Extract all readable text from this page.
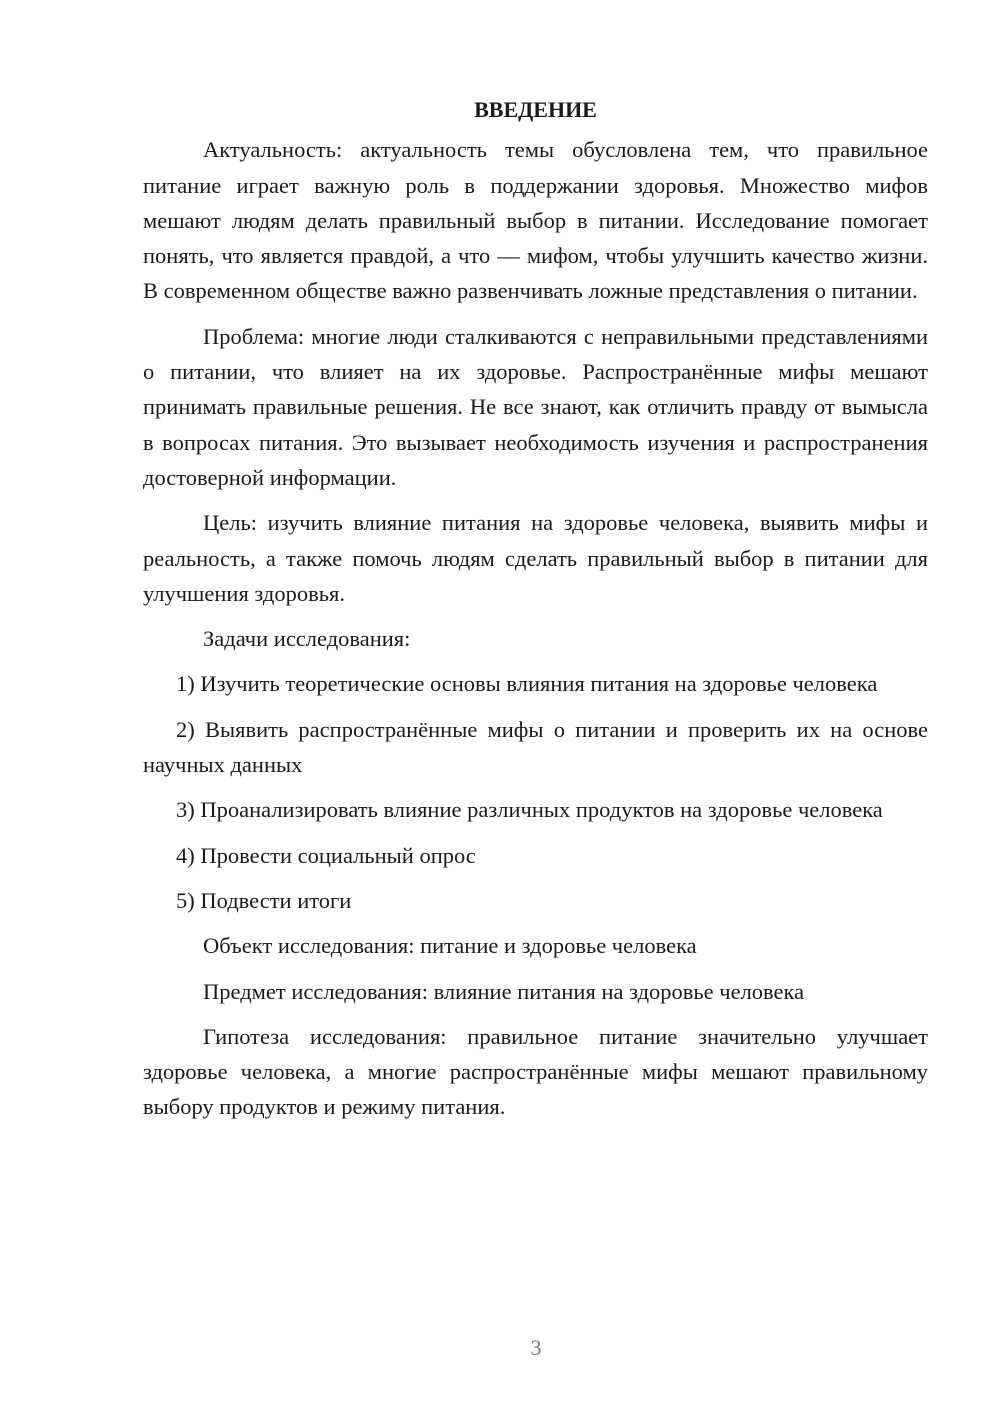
ВВЕДЕНИЕ

Актуальность: актуальность темы обусловлена тем, что правильное питание играет важную роль в поддержании здоровья. Множество мифов мешают людям делать правильный выбор в питании. Исследование помогает понять, что является правдой, а что — мифом, чтобы улучшить качество жизни. В современном обществе важно развенчивать ложные представления о питании.

Проблема: многие люди сталкиваются с неправильными представлениями о питании, что влияет на их здоровье. Распространённые мифы мешают принимать правильные решения. Не все знают, как отличить правду от вымысла в вопросах питания. Это вызывает необходимость изучения и распространения достоверной информации.

Цель: изучить влияние питания на здоровье человека, выявить мифы и реальность, а также помочь людям сделать правильный выбор в питании для улучшения здоровья.

Задачи исследования:

1) Изучить теоретические основы влияния питания на здоровье человека

2) Выявить распространённые мифы о питании и проверить их на основе научных данных

3) Проанализировать влияние различных продуктов на здоровье человека

4) Провести социальный опрос

5) Подвести итоги

Объект исследования: питание и здоровье человека

Предмет исследования: влияние питания на здоровье человека

Гипотеза исследования: правильное питание значительно улучшает здоровье человека, а многие распространённые мифы мешают правильному выбору продуктов и режиму питания.

3
